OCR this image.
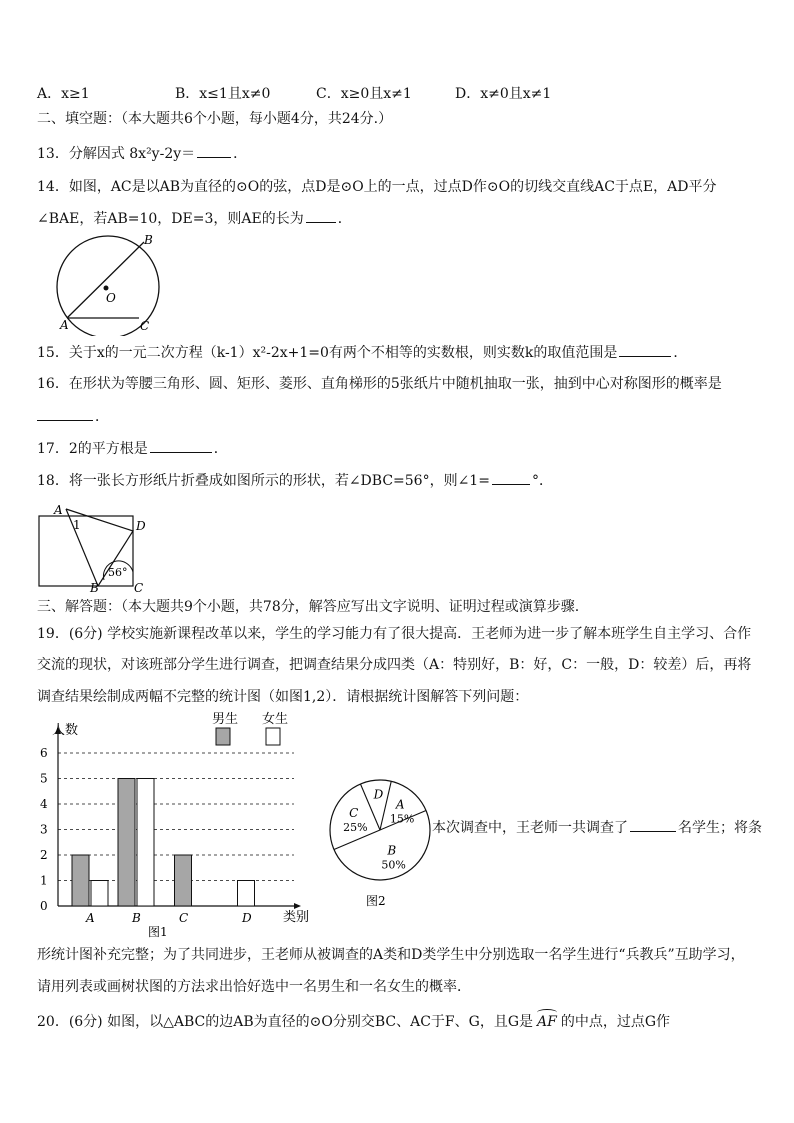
A．x≥1	B．x≤1且x≠0	C．x≥0且x≠1	D．x≠0且x≠1
二、填空题：（本大题共6个小题，每小题4分，共24分.）
13．分解因式 8x²y-2y＝	．
14．如图，AC是以AB为直径的⊙O的弦，点D是⊙O上的一点，过点D作⊙O的切线交直线AC于点E，AD平分
∠BAE，若AB=10，DE=3，则AE的长为 ．
O
B
A	C
15．关于x的一元二次方程（k-1）x²-2x+1=0有两个不相等的实数根，则实数k的取值范围是	．
16．在形状为等腰三角形、圆、矩形、菱形、直角梯形的5张纸片中随机抽取一张，抽到中心对称图形的概率是
．
17．2的平方根是	．
18．将一张长方形纸片折叠成如图所示的形状，若∠DBC=56°，则∠1=	°．
A
1	D
56°
B	C
三、解答题：（本大题共9个小题，共78分，解答应写出文字说明、证明过程或演算步骤.
19．(6分) 学校实施新课程改革以来，学生的学习能力有了很大提高．王老师为进一步了解本班学生自主学习、合作
交流的现状，对该班部分学生进行调查，把调查结果分成四类（A：特别好，B：好，C：一般，D：较差）后，再将
调查结果绘制成两幅不完整的统计图（如图1,2）．请根据统计图解答下列问题：
0
1
2
3
4
5
6
人数
类别
图1
男生 女生
A	B	C	D
A
15%
B
50%
C
25%
D
图2
本次调查中，王老师一共调查了	名学生；将条
形统计图补充完整；为了共同进步，王老师从被调查的A类和D类学生中分别选取一名学生进行“兵教兵”互助学习，
请用列表或画树状图的方法求出恰好选中一名男生和一名女生的概率．
20．(6分) 如图，以△ABC的边AB为直径的⊙O分别交BC、AC于F、G，且G是 AF 的中点，过点G作
